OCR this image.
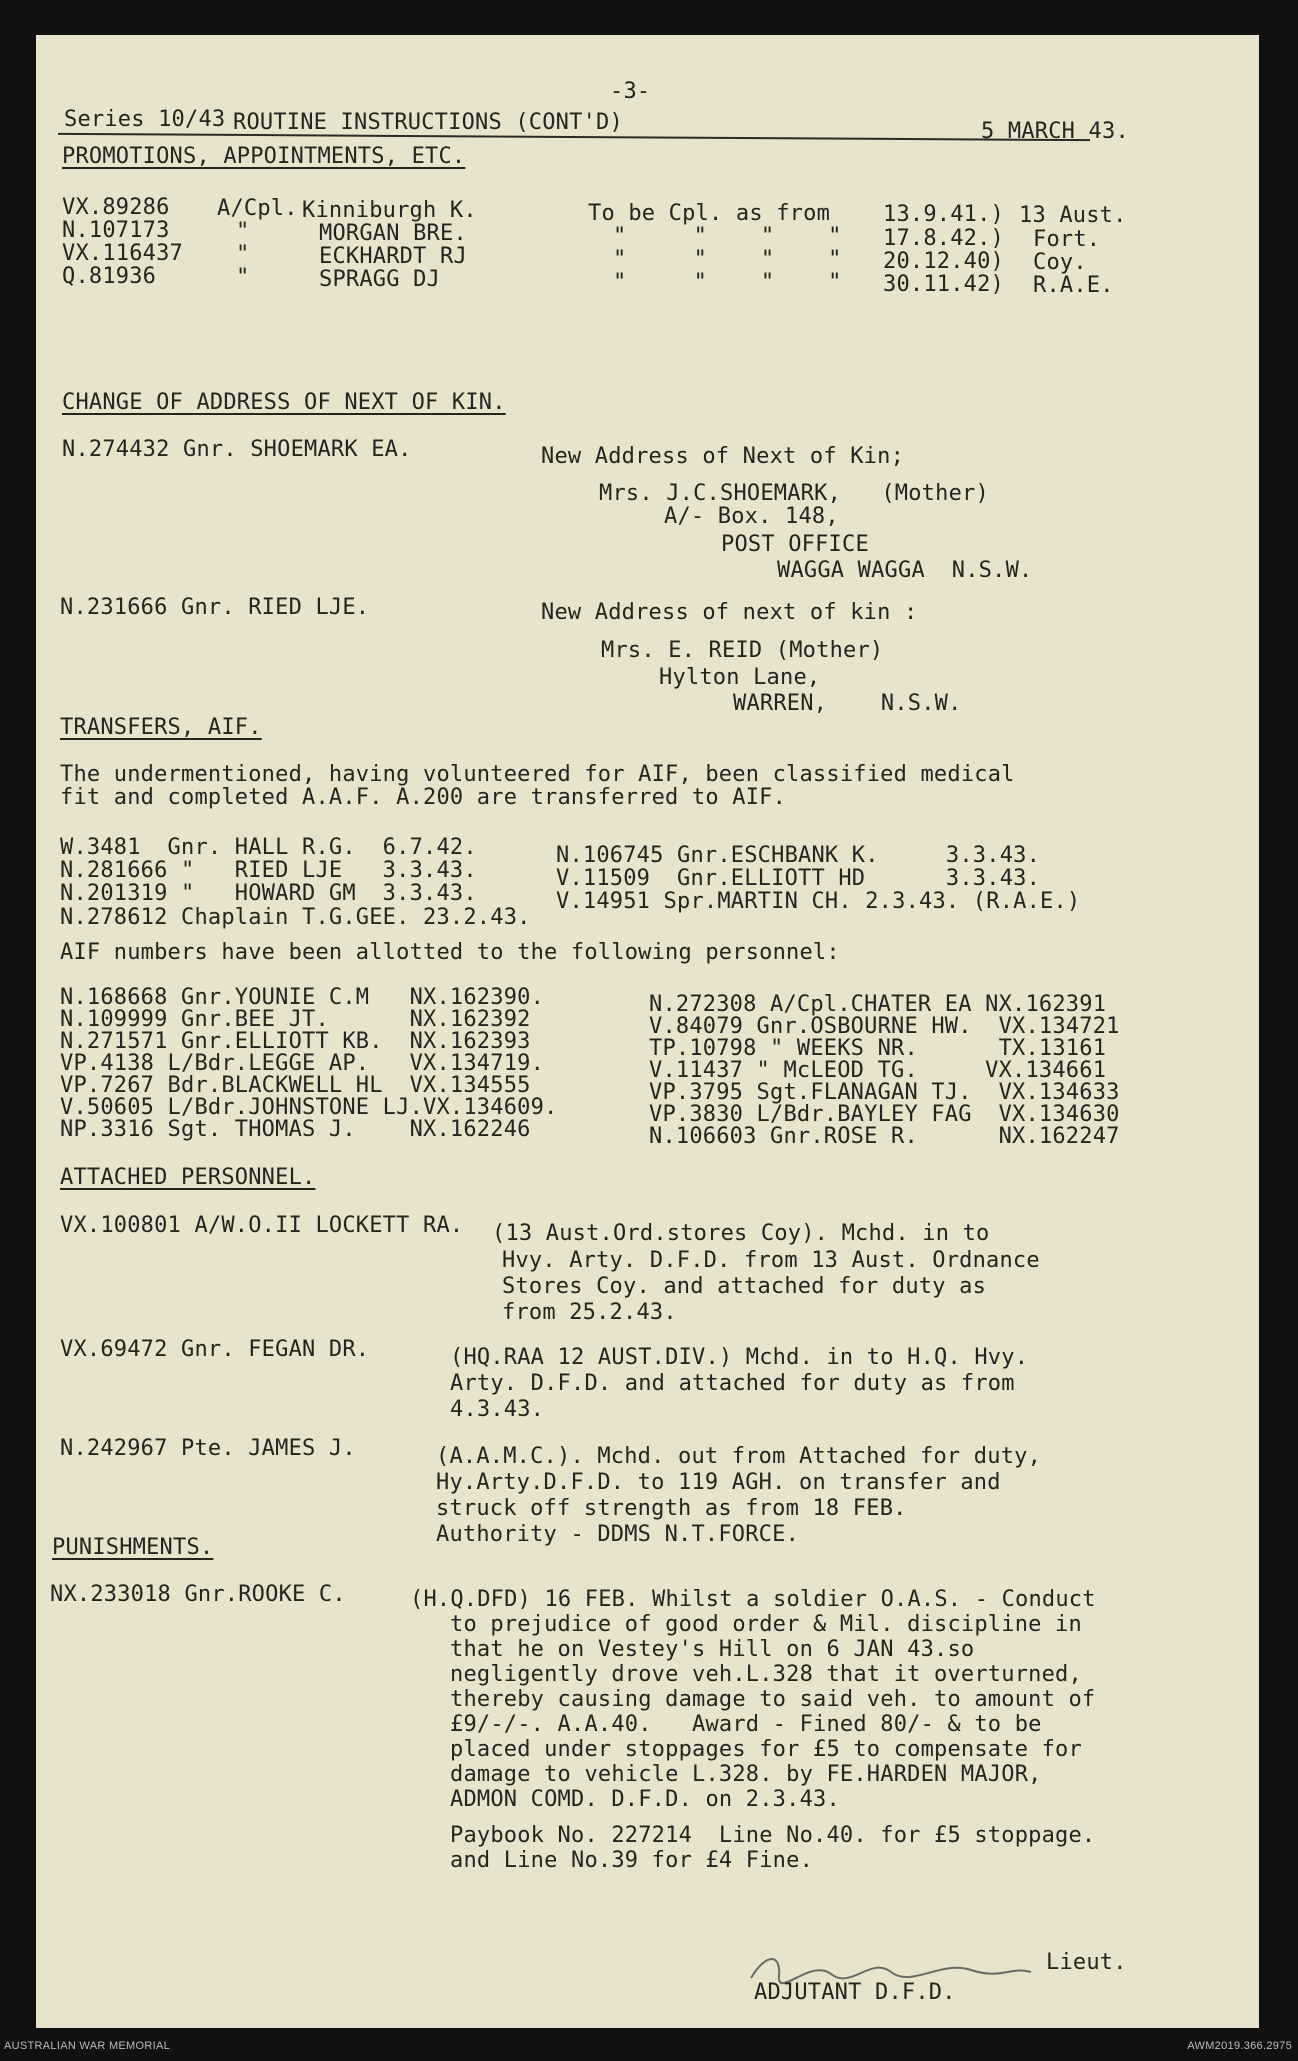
-3-
Series 10/43 ROUTINE INSTRUCTIONS (CONT'D)	5 MARCH 43.
PROMOTIONS, APPOINTMENTS, ETC.
VX.89286 A/Cpl. Kinniburgh K.	To be Cpl. as from 13.9.41.) 13 Aust.
N.107173	"	MORGAN BRE.	"     "    "    " 17.8.42.) Fort.
VX.116437 "	ECKHARDT RJ	"     "    "    " 20.12.40) Coy.
Q.81936	"	SPRAGG DJ	"     "    "    " 30.11.42) R.A.E.
CHANGE OF ADDRESS OF NEXT OF KIN.
N.274432 Gnr. SHOEMARK EA.	New Address of Next of Kin;
Mrs. J.C.SHOEMARK,   (Mother)
A/- Box. 148,
POST OFFICE
WAGGA WAGGA  N.S.W.
N.231666 Gnr. RIED LJE.	New Address of next of kin :
Mrs. E. REID (Mother)
Hylton Lane,
WARREN,    N.S.W.
TRANSFERS, AIF.
The undermentioned, having volunteered for AIF, been classified medical
fit and completed A.A.F. A.200 are transferred to AIF.
W.3481  Gnr. HALL R.G.  6.7.42.
N.281666 "   RIED LJE   3.3.43.
N.201319 "   HOWARD GM  3.3.43.
N.278612 Chaplain T.G.GEE. 23.2.43.
N.106745 Gnr.ESCHBANK K.     3.3.43.
V.11509  Gnr.ELLIOTT HD      3.3.43.
V.14951 Spr.MARTIN CH. 2.3.43. (R.A.E.)
AIF numbers have been allotted to the following personnel:
N.168668 Gnr.YOUNIE C.M   NX.162390.
N.109999 Gnr.BEE JT.      NX.162392
N.271571 Gnr.ELLIOTT KB.  NX.162393
VP.4138 L/Bdr.LEGGE AP.   VX.134719.
VP.7267 Bdr.BLACKWELL HL  VX.134555
V.50605 L/Bdr.JOHNSTONE LJ.VX.134609.
NP.3316 Sgt. THOMAS J.    NX.162246
N.272308 A/Cpl.CHATER EA NX.162391
V.84079 Gnr.OSBOURNE HW.  VX.134721
TP.10798 " WEEKS NR.      TX.13161
V.11437 " McLEOD TG.     VX.134661
VP.3795 Sgt.FLANAGAN TJ.  VX.134633
VP.3830 L/Bdr.BAYLEY FAG  VX.134630
N.106603 Gnr.ROSE R.      NX.162247
ATTACHED PERSONNEL.
VX.100801 A/W.O.II LOCKETT RA. (13 Aust.Ord.stores Coy). Mchd. in to
Hvy. Arty. D.F.D. from 13 Aust. Ordnance
Stores Coy. and attached for duty as
from 25.2.43.
VX.69472 Gnr. FEGAN DR.	(HQ.RAA 12 AUST.DIV.) Mchd. in to H.Q. Hvy.
Arty. D.F.D. and attached for duty as from
4.3.43.
N.242967 Pte. JAMES J.	(A.A.M.C.). Mchd. out from Attached for duty,
Hy.Arty.D.F.D. to 119 AGH. on transfer and
struck off strength as from 18 FEB.
Authority - DDMS N.T.FORCE.
PUNISHMENTS.
NX.233018 Gnr.ROOKE C.	(H.Q.DFD) 16 FEB. Whilst a soldier O.A.S. - Conduct
to prejudice of good order & Mil. discipline in
that he on Vestey's Hill on 6 JAN 43.so
negligently drove veh.L.328 that it overturned,
thereby causing damage to said veh. to amount of
£9/-/-. A.A.40.   Award - Fined 80/- & to be
placed under stoppages for £5 to compensate for
damage to vehicle L.328. by FE.HARDEN MAJOR,
ADMON COMD. D.F.D. on 2.3.43.
Paybook No. 227214  Line No.40. for £5 stoppage.
and Line No.39 for £4 Fine.
Lieut.
ADJUTANT D.F.D.
AUSTRALIAN WAR MEMORIAL	AWM2019.366.2975
